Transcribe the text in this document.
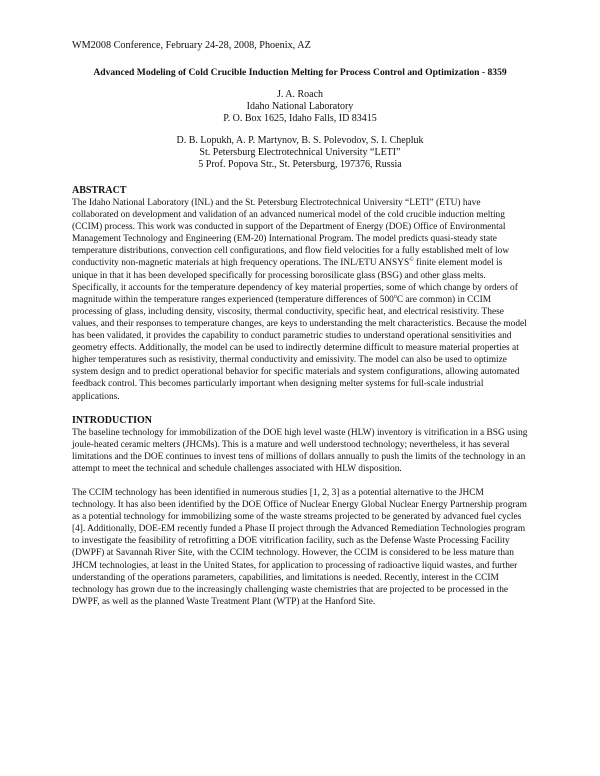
WM2008 Conference, February 24-28, 2008, Phoenix, AZ
Advanced Modeling of Cold Crucible Induction Melting for Process Control and Optimization - 8359
J. A. Roach
Idaho National Laboratory
P. O. Box 1625, Idaho Falls, ID 83415
D. B. Lopukh, A. P. Martynov, B. S. Polevodov, S. I. Chepluk
St. Petersburg Electrotechnical University “LETI”
5 Prof. Popova Str., St. Petersburg, 197376, Russia
ABSTRACT

The Idaho National Laboratory (INL) and the St. Petersburg Electrotechnical University “LETI” (ETU) have collaborated on development and validation of an advanced numerical model of the cold crucible induction melting (CCIM) process. This work was conducted in support of the Department of Energy (DOE) Office of Environmental Management Technology and Engineering (EM-20) International Program. The model predicts quasi-steady state temperature distributions, convection cell configurations, and flow field velocities for a fully established melt of low conductivity non-magnetic materials at high frequency operations. The INL/ETU ANSYS© finite element model is unique in that it has been developed specifically for processing borosilicate glass (BSG) and other glass melts. Specifically, it accounts for the temperature dependency of key material properties, some of which change by orders of magnitude within the temperature ranges experienced (temperature differences of 500$^o$C are common) in CCIM processing of glass, including density, viscosity, thermal conductivity, specific heat, and electrical resistivity. These values, and their responses to temperature changes, are keys to understanding the melt characteristics. Because the model has been validated, it provides the capability to conduct parametric studies to understand operational sensitivities and geometry effects. Additionally, the model can be used to indirectly determine difficult to measure material properties at higher temperatures such as resistivity, thermal conductivity and emissivity. The model can also be used to optimize system design and to predict operational behavior for specific materials and system configurations, allowing automated feedback control. This becomes particularly important when designing melter systems for full-scale industrial applications.

INTRODUCTION

The baseline technology for immobilization of the DOE high level waste (HLW) inventory is vitrification in a BSG using joule-heated ceramic melters (JHCMs). This is a mature and well understood technology; nevertheless, it has several limitations and the DOE continues to invest tens of millions of dollars annually to push the limits of the technology in an attempt to meet the technical and schedule challenges associated with HLW disposition.

The CCIM technology has been identified in numerous studies [1, 2, 3] as a potential alternative to the JHCM technology. It has also been identified by the DOE Office of Nuclear Energy Global Nuclear Energy Partnership program as a potential technology for immobilizing some of the waste streams projected to be generated by advanced fuel cycles [4]. Additionally, DOE-EM recently funded a Phase II project through the Advanced Remediation Technologies program to investigate the feasibility of retrofitting a DOE vitrification facility, such as the Defense Waste Processing Facility (DWPF) at Savannah River Site, with the CCIM technology. However, the CCIM is considered to be less mature than JHCM technologies, at least in the United States, for application to processing of radioactive liquid wastes, and further understanding of the operations parameters, capabilities, and limitations is needed. Recently, interest in the CCIM technology has grown due to the increasingly challenging waste chemistries that are projected to be processed in the DWPF, as well as the planned Waste Treatment Plant (WTP) at the Hanford Site.
